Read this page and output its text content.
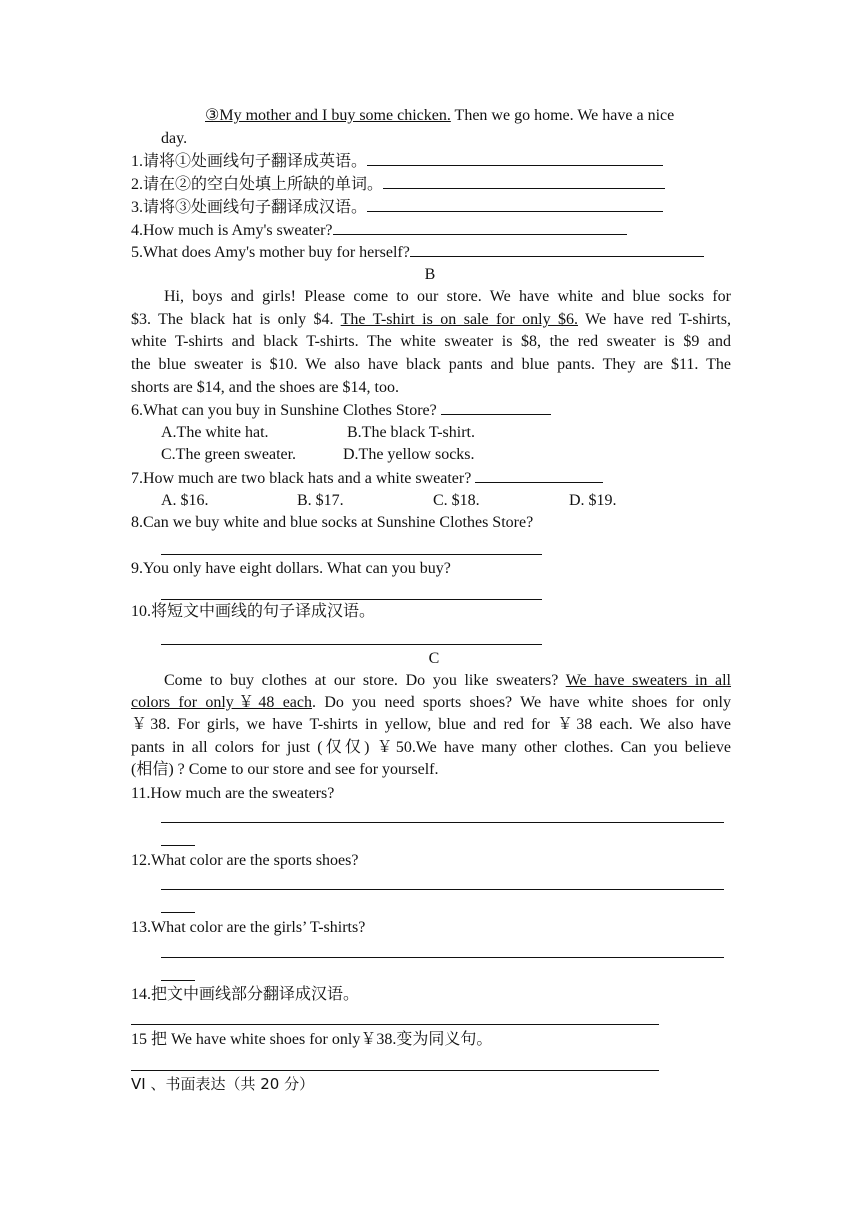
③My mother and I buy some chicken. Then we go home. We have a nice
day.
1.请将①处画线句子翻译成英语。
2.请在②的空白处填上所缺的单词。
3.请将③处画线句子翻译成汉语。
4.How much is Amy's sweater?
5.What does Amy's mother buy for herself?
B
Hi, boys and girls! Please come to our store. We have white and blue socks for
$3. The black hat is only $4. The T-shirt is on sale for only $6. We have red T-shirts,
white T-shirts and black T-shirts. The white sweater is $8, the red sweater is $9 and
the blue sweater is $10. We also have black pants and blue pants. They are $11. The
shorts are $14, and the shoes are $14, too.
6.What can you buy in Sunshine Clothes Store?
A.The white hat.	B.The black T-shirt.
C.The green sweater.	D.The yellow socks.
7.How much are two black hats and a white sweater?
A. $16.	B. $17.	C. $18.	D. $19.
8.Can we buy white and blue socks at Sunshine Clothes Store?
9.You only have eight dollars. What can you buy?
10.将短文中画线的句子译成汉语。
C
Come to buy clothes at our store. Do you like sweaters? We have sweaters in all
colors for only￥48 each. Do you need sports shoes? We have white shoes for only
￥38. For girls, we have T-shirts in yellow, blue and red for ￥38 each. We also have
pants in all colors for just (仅仅) ￥50.We have many other clothes. Can you believe
(相信) ? Come to our store and see for yourself.
11.How much are the sweaters?
12.What color are the sports shoes?
13.What color are the girls’ T-shirts?
14.把文中画线部分翻译成汉语。
15 把 We have white shoes for only￥38.变为同义句。
VI 、书面表达（共 20 分）
